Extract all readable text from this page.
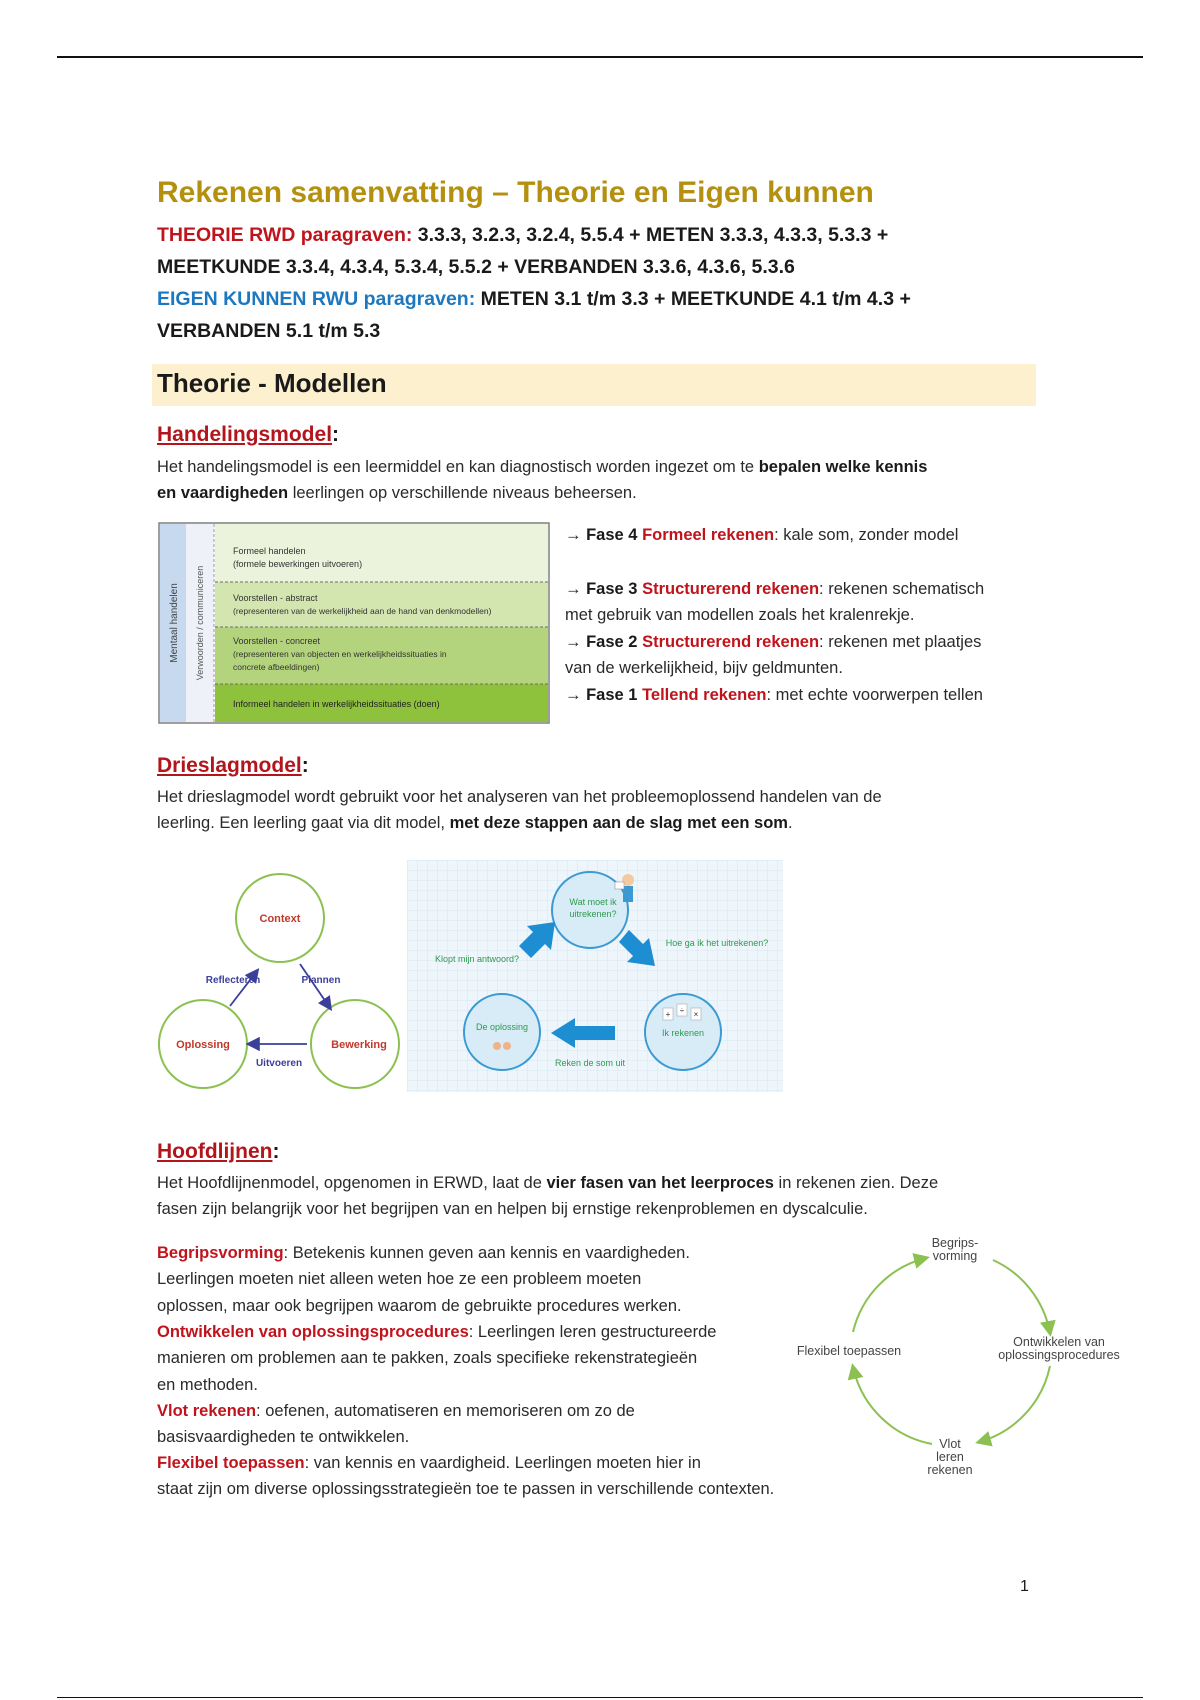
Rekenen samenvatting – Theorie en Eigen kunnen

THEORIE RWD paragraven: 3.3.3, 3.2.3, 3.2.4, 5.5.4 + METEN 3.3.3, 4.3.3, 5.3.3 +
MEETKUNDE 3.3.4, 4.3.4, 5.3.4, 5.5.2 + VERBANDEN 3.3.6, 4.3.6, 5.3.6

EIGEN KUNNEN RWU paragraven: METEN 3.1 t/m 3.3 + MEETKUNDE 4.1 t/m 4.3 +
VERBANDEN 5.1 t/m 5.3

Theorie - Modellen
Handelingsmodel:

Het handelingsmodel is een leermiddel en kan diagnostisch worden ingezet om te bepalen welke kennis
en vaardigheden leerlingen op verschillende niveaus beheersen.

Mentaal handelen Verwoorden / communiceren
Formeel handelen
(formele bewerkingen uitvoeren)
Voorstellen - abstract
(representeren van de werkelijkheid aan de hand van denkmodellen)
Voorstellen - concreet
(representeren van objecten en werkelijkheidssituaties in
concrete afbeeldingen)
Informeel handelen in werkelijkheidssituaties (doen)

→ Fase 4 Formeel rekenen: kale som, zonder model

→ Fase 3 Structurerend rekenen: rekenen schematisch
met gebruik van modellen zoals het kralenrekje.

→ Fase 2 Structurerend rekenen: rekenen met plaatjes
van de werkelijkheid, bijv geldmunten.

→ Fase 1 Tellend rekenen: met echte voorwerpen tellen

Drieslagmodel:

Het drieslagmodel wordt gebruikt voor het analyseren van het probleemoplossend handelen van de
leerling. Een leerling gaat via dit model, met deze stappen aan de slag met een som.

Context
Oplossing	Bewerking
Reflecteren	Plannen
Uitvoeren
Wat moet ik
uitrekenen?
Klopt mijn antwoord?
Hoe ga ik het uitrekenen?
Ik rekenen
De oplossing
Reken de som uit
+ ÷ ×
Hoofdlijnen:

Het Hoofdlijnenmodel, opgenomen in ERWD, laat de vier fasen van het leerproces in rekenen zien. Deze
fasen zijn belangrijk voor het begrijpen van en helpen bij ernstige rekenproblemen en dyscalculie.

Begripsvorming: Betekenis kunnen geven aan kennis en vaardigheden.
Leerlingen moeten niet alleen weten hoe ze een probleem moeten
oplossen, maar ook begrijpen waarom de gebruikte procedures werken.

Ontwikkelen van oplossingsprocedures: Leerlingen leren gestructureerde
manieren om problemen aan te pakken, zoals specifieke rekenstrategieën
en methoden.

Vlot rekenen: oefenen, automatiseren en memoriseren om zo de
basisvaardigheden te ontwikkelen.

Flexibel toepassen: van kennis en vaardigheid. Leerlingen moeten hier in
staat zijn om diverse oplossingsstrategieën toe te passen in verschillende contexten.

Begrips-
vorming
Ontwikkelen van
oplossingsprocedures
Vlot
leren
rekenen
Flexibel toepassen
1
